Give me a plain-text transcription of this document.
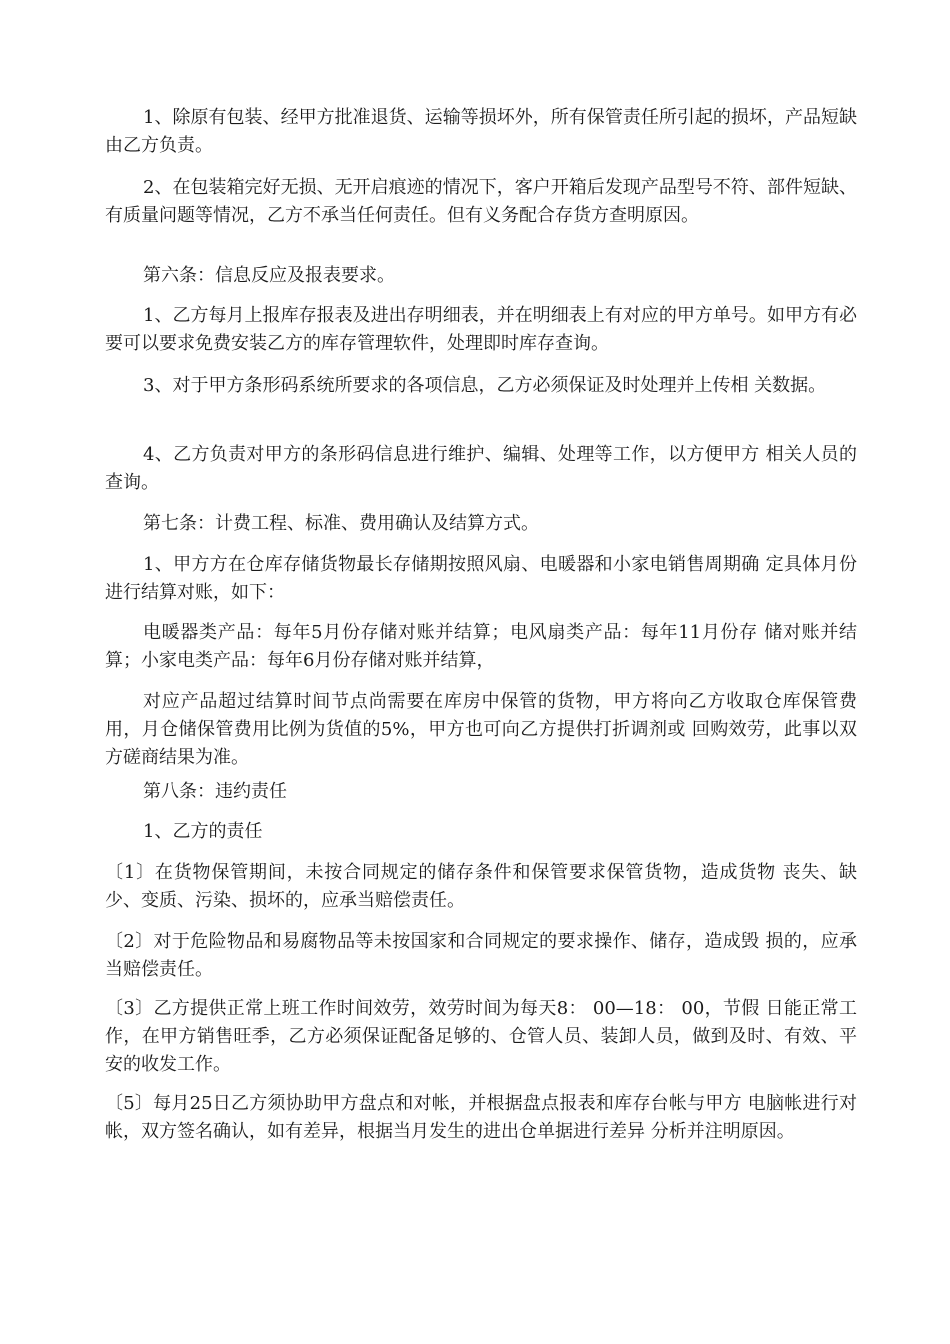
1、除原有包装、经甲方批准退货、运输等损坏外，所有保管责任所引起的损坏，产品短缺由乙方负责。

2、在包装箱完好无损、无开启痕迹的情况下，客户开箱后发现产品型号不符、部件短缺、有质量问题等情况，乙方不承当任何责任。但有义务配合存货方查明原因。

第六条：信息反应及报表要求。

1、乙方每月上报库存报表及进出存明细表，并在明细表上有对应的甲方单号。如甲方有必要可以要求免费安装乙方的库存管理软件，处理即时库存查询。

3、对于甲方条形码系统所要求的各项信息，乙方必须保证及时处理并上传相 关数据。

4、乙方负责对甲方的条形码信息进行维护、编辑、处理等工作，以方便甲方 相关人员的查询。

第七条：计费工程、标准、费用确认及结算方式。

1、甲方方在仓库存储货物最长存储期按照风扇、电暖器和小家电销售周期确 定具体月份进行结算对账，如下：

电暖器类产品：每年5月份存储对账并结算；电风扇类产品：每年11月份存 储对账并结算；小家电类产品：每年6月份存储对账并结算，

对应产品超过结算时间节点尚需要在库房中保管的货物，甲方将向乙方收取仓库保管费用，月仓储保管费用比例为货值的5%，甲方也可向乙方提供打折调剂或 回购效劳，此事以双方磋商结果为准。

第八条：违约责任

1、乙方的责任

〔1〕在货物保管期间，未按合同规定的储存条件和保管要求保管货物，造成货物 丧失、缺少、变质、污染、损坏的，应承当赔偿责任。

〔2〕对于危险物品和易腐物品等未按国家和合同规定的要求操作、储存，造成毁 损的，应承当赔偿责任。

〔3〕乙方提供正常上班工作时间效劳，效劳时间为每天8： 00—18： 00，节假 日能正常工作，在甲方销售旺季，乙方必须保证配备足够的、仓管人员、装卸人员，做到及时、有效、平安的收发工作。

〔5〕每月25日乙方须协助甲方盘点和对帐，并根据盘点报表和库存台帐与甲方 电脑帐进行对帐，双方签名确认，如有差异，根据当月发生的进出仓单据进行差异 分析并注明原因。
